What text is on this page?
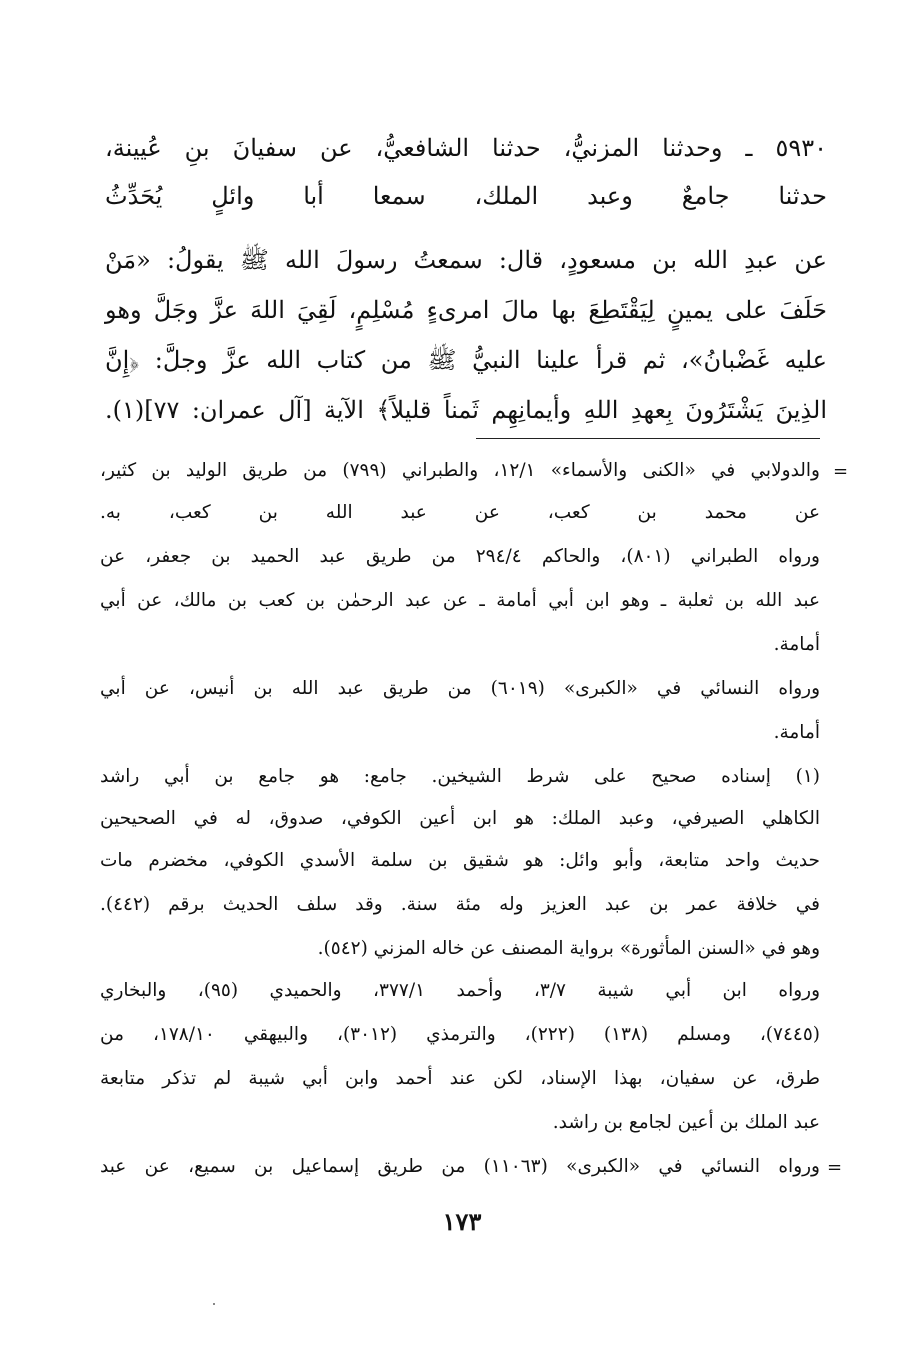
٥٩٣٠ ـ وحدثنا المزنيُّ، حدثنا الشافعيُّ، عن سفيانَ بنِ عُيينة،
حدثنا جامعٌ وعبد الملك، سمعا أبا وائلٍ يُحَدِّثُ
عن عبدِ الله بن مسعودٍ، قال: سمعتُ رسولَ الله ﷺ يقولُ: «مَنْ
حَلَفَ على يمينٍ لِيَقْتَطِعَ بها مالَ امرىءٍ مُسْلِمٍ، لَقِيَ اللهَ عزَّ وجَلَّ وهو
عليه غَضْبانُ»، ثم قرأ علينا النبيُّ ﷺ من كتاب الله عزَّ وجلَّ: ﴿إِنَّ
الذِينَ يَشْتَرُونَ بِعهدِ اللهِ وأيمانِهِم ثَمناً قليلاً﴾ الآية [آل عمران: ٧٧](١).
=
والدولابي في «الكنى والأسماء» ١٢/١، والطبراني (٧٩٩) من طريق الوليد بن كثير،
عن محمد بن كعب، عن عبد الله بن كعب، به.
ورواه الطبراني (٨٠١)، والحاكم ٢٩٤/٤ من طريق عبد الحميد بن جعفر، عن
عبد الله بن ثعلبة ـ وهو ابن أبي أمامة ـ عن عبد الرحمٰن بن كعب بن مالك، عن أبي
أمامة.
ورواه النسائي في «الكبرى» (٦٠١٩) من طريق عبد الله بن أنيس، عن أبي
أمامة.
(١) إسناده صحيح على شرط الشيخين. جامع: هو جامع بن أبي راشد
الكاهلي الصيرفي، وعبد الملك: هو ابن أعين الكوفي، صدوق، له في الصحيحين
حديث واحد متابعة، وأبو وائل: هو شقيق بن سلمة الأسدي الكوفي، مخضرم مات
في خلافة عمر بن عبد العزيز وله مئة سنة. وقد سلف الحديث برقم (٤٤٢).
وهو في «السنن المأثورة» برواية المصنف عن خاله المزني (٥٤٢).
ورواه ابن أبي شيبة ٣/٧، وأحمد ٣٧٧/١، والحميدي (٩٥)، والبخاري
(٧٤٤٥)، ومسلم (١٣٨) (٢٢٢)، والترمذي (٣٠١٢)، والبيهقي ١٧٨/١٠، من
طرق، عن سفيان، بهذا الإسناد، لكن عند أحمد وابن أبي شيبة لم تذكر متابعة
عبد الملك بن أعين لجامع بن راشد.
ورواه النسائي في «الكبرى» (١١٠٦٣) من طريق إسماعيل بن سميع، عن عبد =
١٧٣
